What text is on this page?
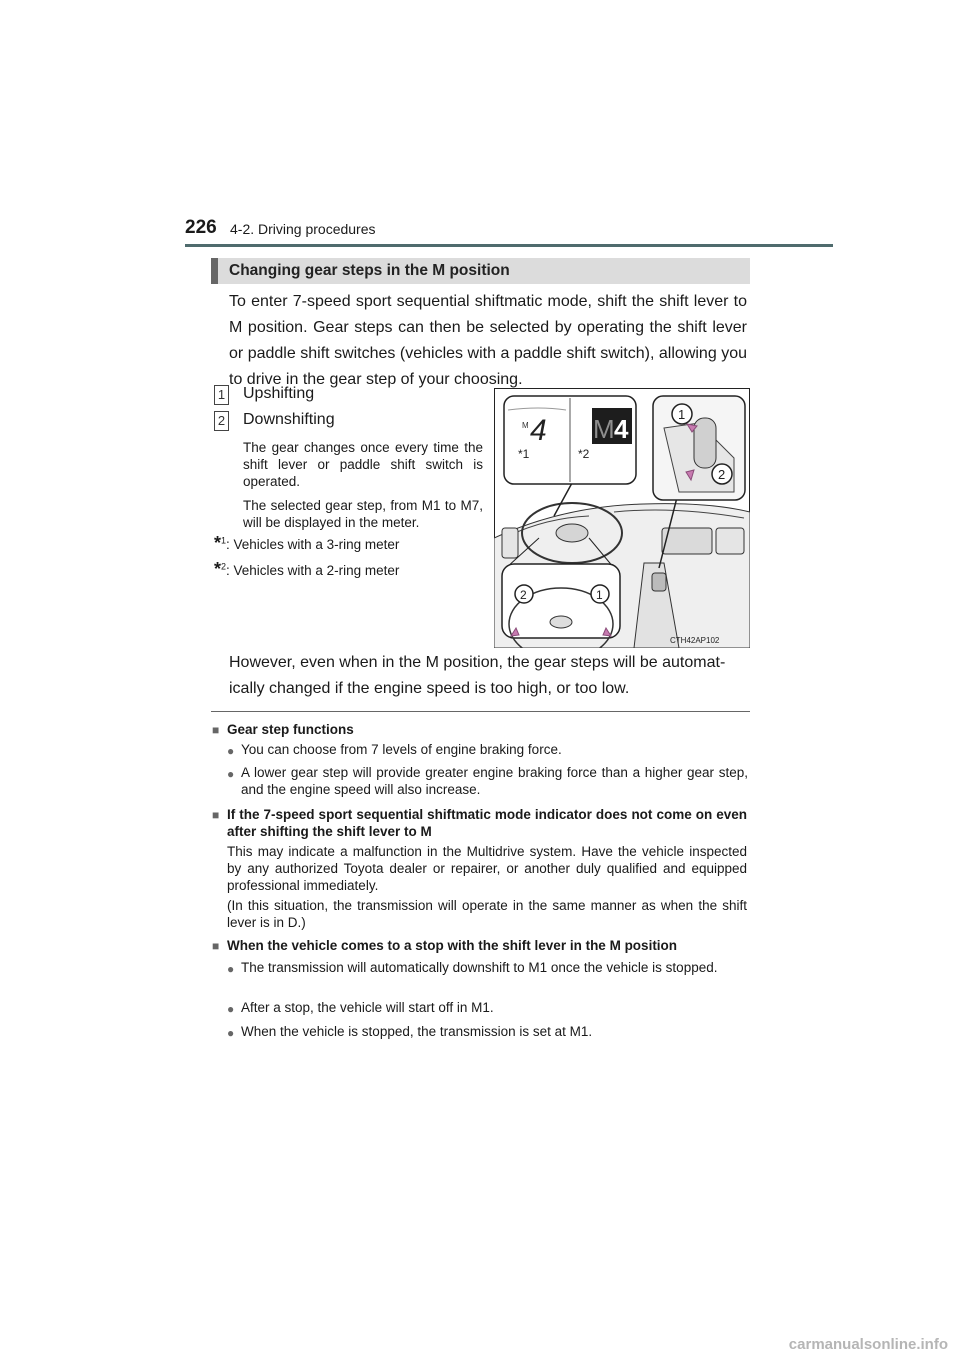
226 4-2. Driving procedures
Changing gear steps in the M position
To enter 7-speed sport sequential shiftmatic mode, shift the shift lever to M position. Gear steps can then be selected by operating the shift lever or paddle shift switches (vehicles with a paddle shift switch), allowing you to drive in the gear step of your choosing.
1 Upshifting
2 Downshifting
The gear changes once every time the shift lever or paddle shift switch is operated.
The selected gear step, from M1 to M7, will be displayed in the meter.
*$^1$: Vehicles with a 3-ring meter
*$^2$: Vehicles with a 2-ring meter
M 4
*1
M 4
*2
1
2
2	1
CTH42AP102
However, even when in the M position, the gear steps will be automat-
ically changed if the engine speed is too high, or too low.
■ Gear step functions
● You can choose from 7 levels of engine braking force.
● A lower gear step will provide greater engine braking force than a higher gear step, and the engine speed will also increase.
■ If the 7-speed sport sequential shiftmatic mode indicator does not come on even after shifting the shift lever to M
This may indicate a malfunction in the Multidrive system. Have the vehicle inspected by any authorized Toyota dealer or repairer, or another duly qualified and equipped professional immediately.
(In this situation, the transmission will operate in the same manner as when the shift lever is in D.)
■ When the vehicle comes to a stop with the shift lever in the M position
● The transmission will automatically downshift to M1 once the vehicle is stopped.
● After a stop, the vehicle will start off in M1.
● When the vehicle is stopped, the transmission is set at M1.
carmanualsonline.info
